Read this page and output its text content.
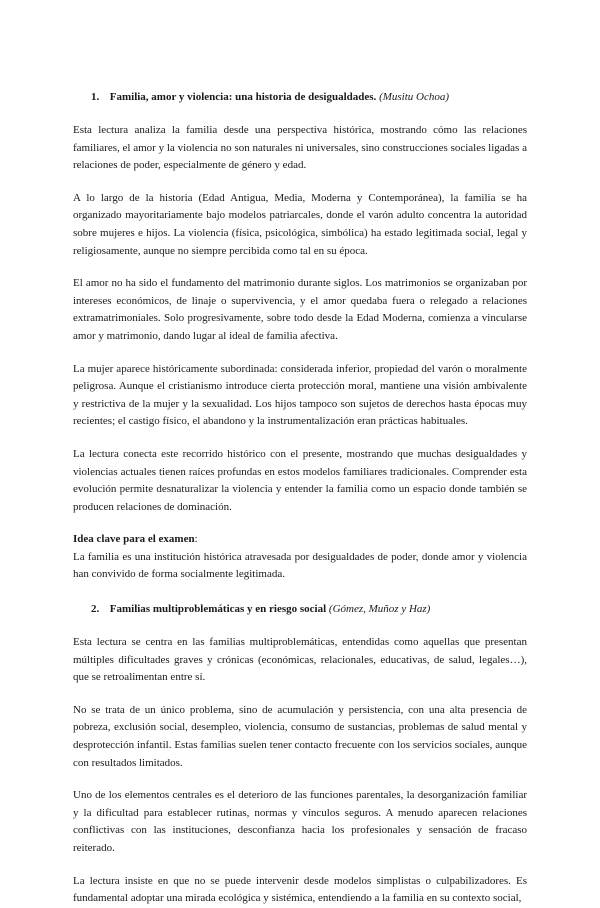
1. Familia, amor y violencia: una historia de desigualdades. (Musitu Ochoa)

Esta lectura analiza la familia desde una perspectiva histórica, mostrando cómo las relaciones familiares, el amor y la violencia no son naturales ni universales, sino construcciones sociales ligadas a relaciones de poder, especialmente de género y edad.

A lo largo de la historia (Edad Antigua, Media, Moderna y Contemporánea), la familia se ha organizado mayoritariamente bajo modelos patriarcales, donde el varón adulto concentra la autoridad sobre mujeres e hijos. La violencia (física, psicológica, simbólica) ha estado legitimada social, legal y religiosamente, aunque no siempre percibida como tal en su época.

El amor no ha sido el fundamento del matrimonio durante siglos. Los matrimonios se organizaban por intereses económicos, de linaje o supervivencia, y el amor quedaba fuera o relegado a relaciones extramatrimoniales. Solo progresivamente, sobre todo desde la Edad Moderna, comienza a vincularse amor y matrimonio, dando lugar al ideal de familia afectiva.

La mujer aparece históricamente subordinada: considerada inferior, propiedad del varón o moralmente peligrosa. Aunque el cristianismo introduce cierta protección moral, mantiene una visión ambivalente y restrictiva de la mujer y la sexualidad. Los hijos tampoco son sujetos de derechos hasta épocas muy recientes; el castigo físico, el abandono y la instrumentalización eran prácticas habituales.

La lectura conecta este recorrido histórico con el presente, mostrando que muchas desigualdades y violencias actuales tienen raíces profundas en estos modelos familiares tradicionales. Comprender esta evolución permite desnaturalizar la violencia y entender la familia como un espacio donde también se producen relaciones de dominación.

Idea clave para el examen:

La familia es una institución histórica atravesada por desigualdades de poder, donde amor y violencia han convivido de forma socialmente legitimada.

2. Familias multiproblemáticas y en riesgo social (Gómez, Muñoz y Haz)

Esta lectura se centra en las familias multiproblemáticas, entendidas como aquellas que presentan múltiples dificultades graves y crónicas (económicas, relacionales, educativas, de salud, legales…), que se retroalimentan entre sí.

No se trata de un único problema, sino de acumulación y persistencia, con una alta presencia de pobreza, exclusión social, desempleo, violencia, consumo de sustancias, problemas de salud mental y desprotección infantil. Estas familias suelen tener contacto frecuente con los servicios sociales, aunque con resultados limitados.

Uno de los elementos centrales es el deterioro de las funciones parentales, la desorganización familiar y la dificultad para establecer rutinas, normas y vínculos seguros. A menudo aparecen relaciones conflictivas con las instituciones, desconfianza hacia los profesionales y sensación de fracaso reiterado.

La lectura insiste en que no se puede intervenir desde modelos simplistas o culpabilizadores. Es fundamental adoptar una mirada ecológica y sistémica, entendiendo a la familia en su contexto social,
